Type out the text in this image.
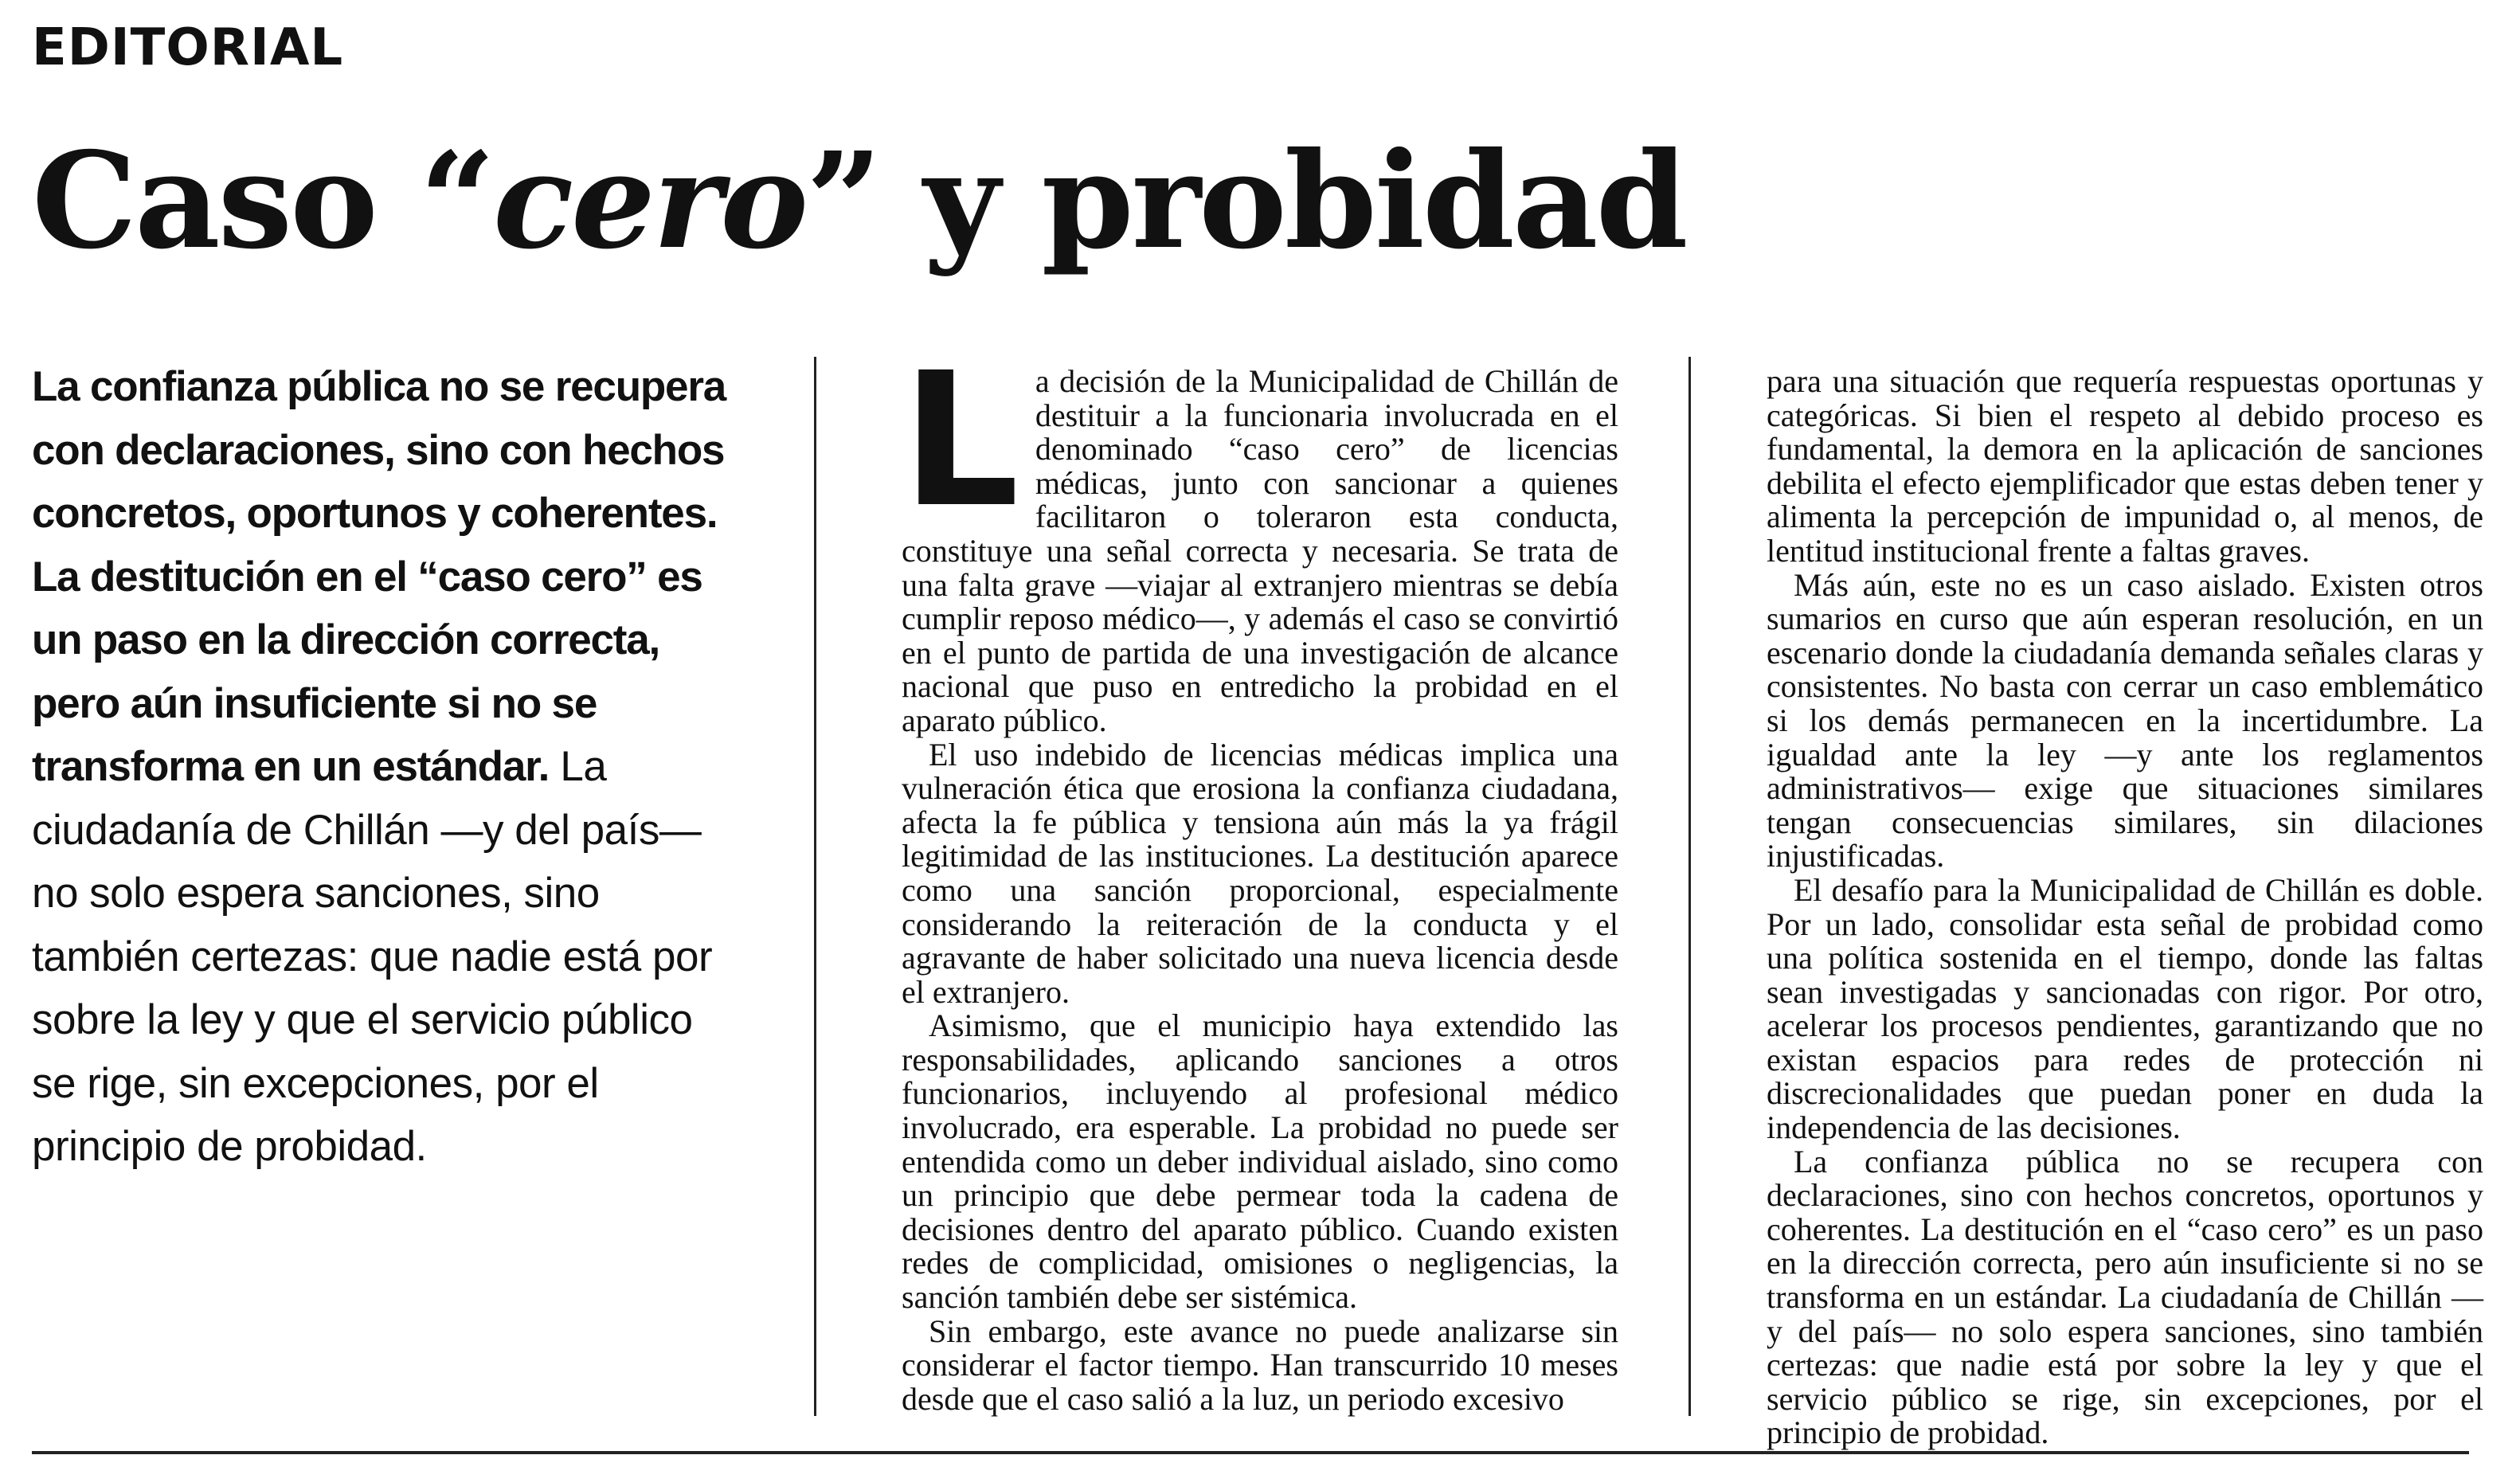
EDITORIAL
Caso “cero” y probidad

La confianza pública no se recupera con declaraciones, sino con hechos concretos, oportunos y coherentes. La destitución en el “caso cero” es un paso en la dirección correcta, pero aún insuficiente si no se transforma en un estándar. La ciudadanía de Chillán —y del país— no solo espera sanciones, sino también certezas: que nadie está por sobre la ley y que el servicio público se rige, sin excepciones, por el principio de probidad.

L a decisión de la Municipalidad de Chillán de destituir a la funcionaria involucrada en el denominado “caso cero” de licencias médicas, junto con sancionar a quienes facilitaron o toleraron esta conducta, constituye una señal correcta y necesaria. Se trata de una falta grave —viajar al extranjero mientras se debía cumplir reposo médico—, y además el caso se convirtió en el punto de partida de una investigación de alcance nacional que puso en entredicho la probidad en el aparato público.

El uso indebido de licencias médicas implica una vulneración ética que erosiona la confianza ciudadana, afecta la fe pública y tensiona aún más la ya frágil legitimidad de las instituciones. La destitución aparece como una sanción proporcional, especialmente considerando la reiteración de la conducta y el agravante de haber solicitado una nueva licencia desde el extranjero.

Asimismo, que el municipio haya extendido las responsabilidades, aplicando sanciones a otros funcionarios, incluyendo al profesional médico involucrado, era esperable. La probidad no puede ser entendida como un deber individual aislado, sino como un principio que debe permear toda la cadena de decisiones dentro del aparato público. Cuando existen redes de complicidad, omisiones o negligencias, la sanción también debe ser sistémica.

Sin embargo, este avance no puede analizarse sin considerar el factor tiempo. Han transcurrido 10 meses desde que el caso salió a la luz, un periodo excesivo

para una situación que requería respuestas oportunas y categóricas. Si bien el respeto al debido proceso es fundamental, la demora en la aplicación de sanciones debilita el efecto ejemplificador que estas deben tener y alimenta la percepción de impunidad o, al menos, de lentitud institucional frente a faltas graves.

Más aún, este no es un caso aislado. Existen otros sumarios en curso que aún esperan resolución, en un escenario donde la ciudadanía demanda señales claras y consistentes. No basta con cerrar un caso emblemático si los demás permanecen en la incertidumbre. La igualdad ante la ley —y ante los reglamentos administrativos— exige que situaciones similares tengan consecuencias similares, sin dilaciones injustificadas.

El desafío para la Municipalidad de Chillán es doble. Por un lado, consolidar esta señal de probidad como una política sostenida en el tiempo, donde las faltas sean investigadas y sancionadas con rigor. Por otro, acelerar los procesos pendientes, garantizando que no existan espacios para redes de protección ni discrecionalidades que puedan poner en duda la independencia de las decisiones.

La confianza pública no se recupera con declaraciones, sino con hechos concretos, oportunos y coherentes. La destitución en el “caso cero” es un paso en la dirección correcta, pero aún insuficiente si no se transforma en un estándar. La ciudadanía de Chillán —y del país— no solo espera sanciones, sino también certezas: que nadie está por sobre la ley y que el servicio público se rige, sin excepciones, por el principio de probidad.
